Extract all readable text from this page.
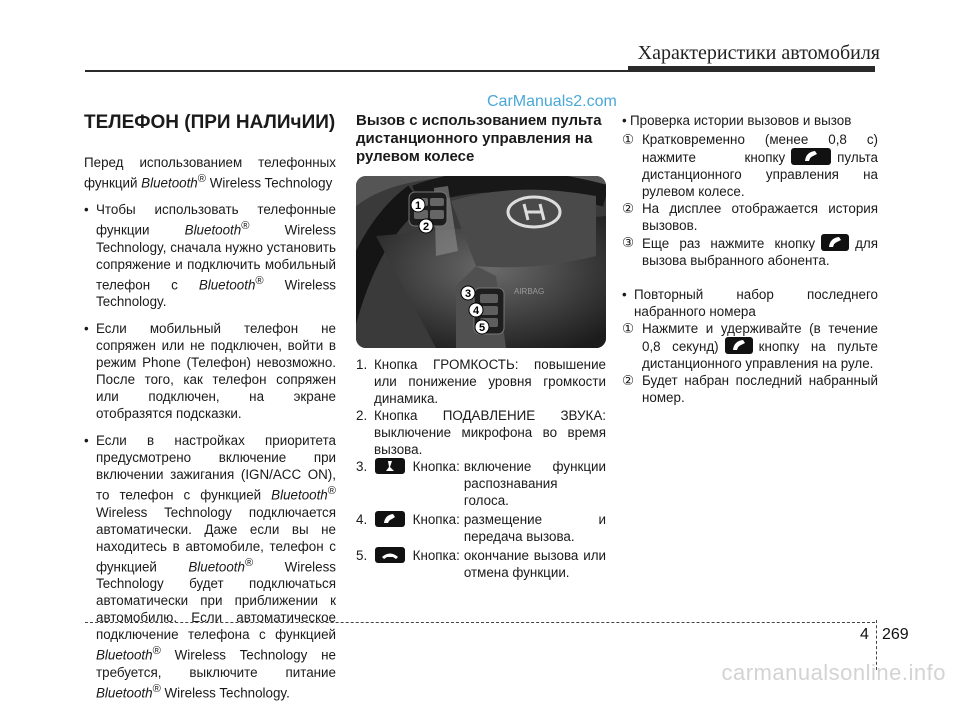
Характеристики автомобиля
CarManuals2.com
ТЕЛЕФОН (ПРИ НАЛИчИИ)

Перед использованием телефонных функций Bluetooth® Wireless Technology

• Чтобы использовать телефонные функции Bluetooth® Wireless Technology, сначала нужно установить сопряжение и подключить мобильный телефон с Bluetooth® Wireless Technology.
• Если мобильный телефон не сопряжен или не подключен, войти в режим Phone (Телефон) невозможно. После того, как телефон сопряжен или подключен, на экране отобразятся подсказки.
• Если в настройках приоритета предусмотрено включение при включении зажигания (IGN/ACC ON), то телефон с функцией Bluetooth® Wireless Technology подключается автоматически. Даже если вы не находитесь в автомобиле, телефон с функцией Bluetooth® Wireless Technology будет подключаться автоматически при приближении к автомобилю. Если автоматическое подключение телефона с функцией Bluetooth® Wireless Technology не требуется, выключите питание Bluetooth® Wireless Technology.
Вызов с использованием пульта дистанционного управления на рулевом колесе
AIRBAG
1
2
3
4
5
1. Кнопка ГРОМКОСТЬ: повышение или понижение уровня громкости динамика.
2. Кнопка ПОДАВЛЕНИЕ ЗВУКА: выключение микрофона во время вызова.
3.	Кнопка: включение функции распознавания голоса.
4.	Кнопка: размещение и передача вызова.
5.	Кнопка: окончание вызова или отмена функции.
• Проверка истории вызовов и вызов
① Кратковременно (менее 0,8 с) нажмите кнопку	пульта дистанционного управления на рулевом колесе.
② На дисплее отображается история вызовов.
③ Еще раз нажмите кнопку	для вызова выбранного абонента.
• Повторный набор последнего набранного номера
① Нажмите и удерживайте (в течение 0,8 секунд)	кнопку на пульте дистанционного управления на руле.
② Будет набран последний набранный номер.
4 269
carmanualsonline.info
